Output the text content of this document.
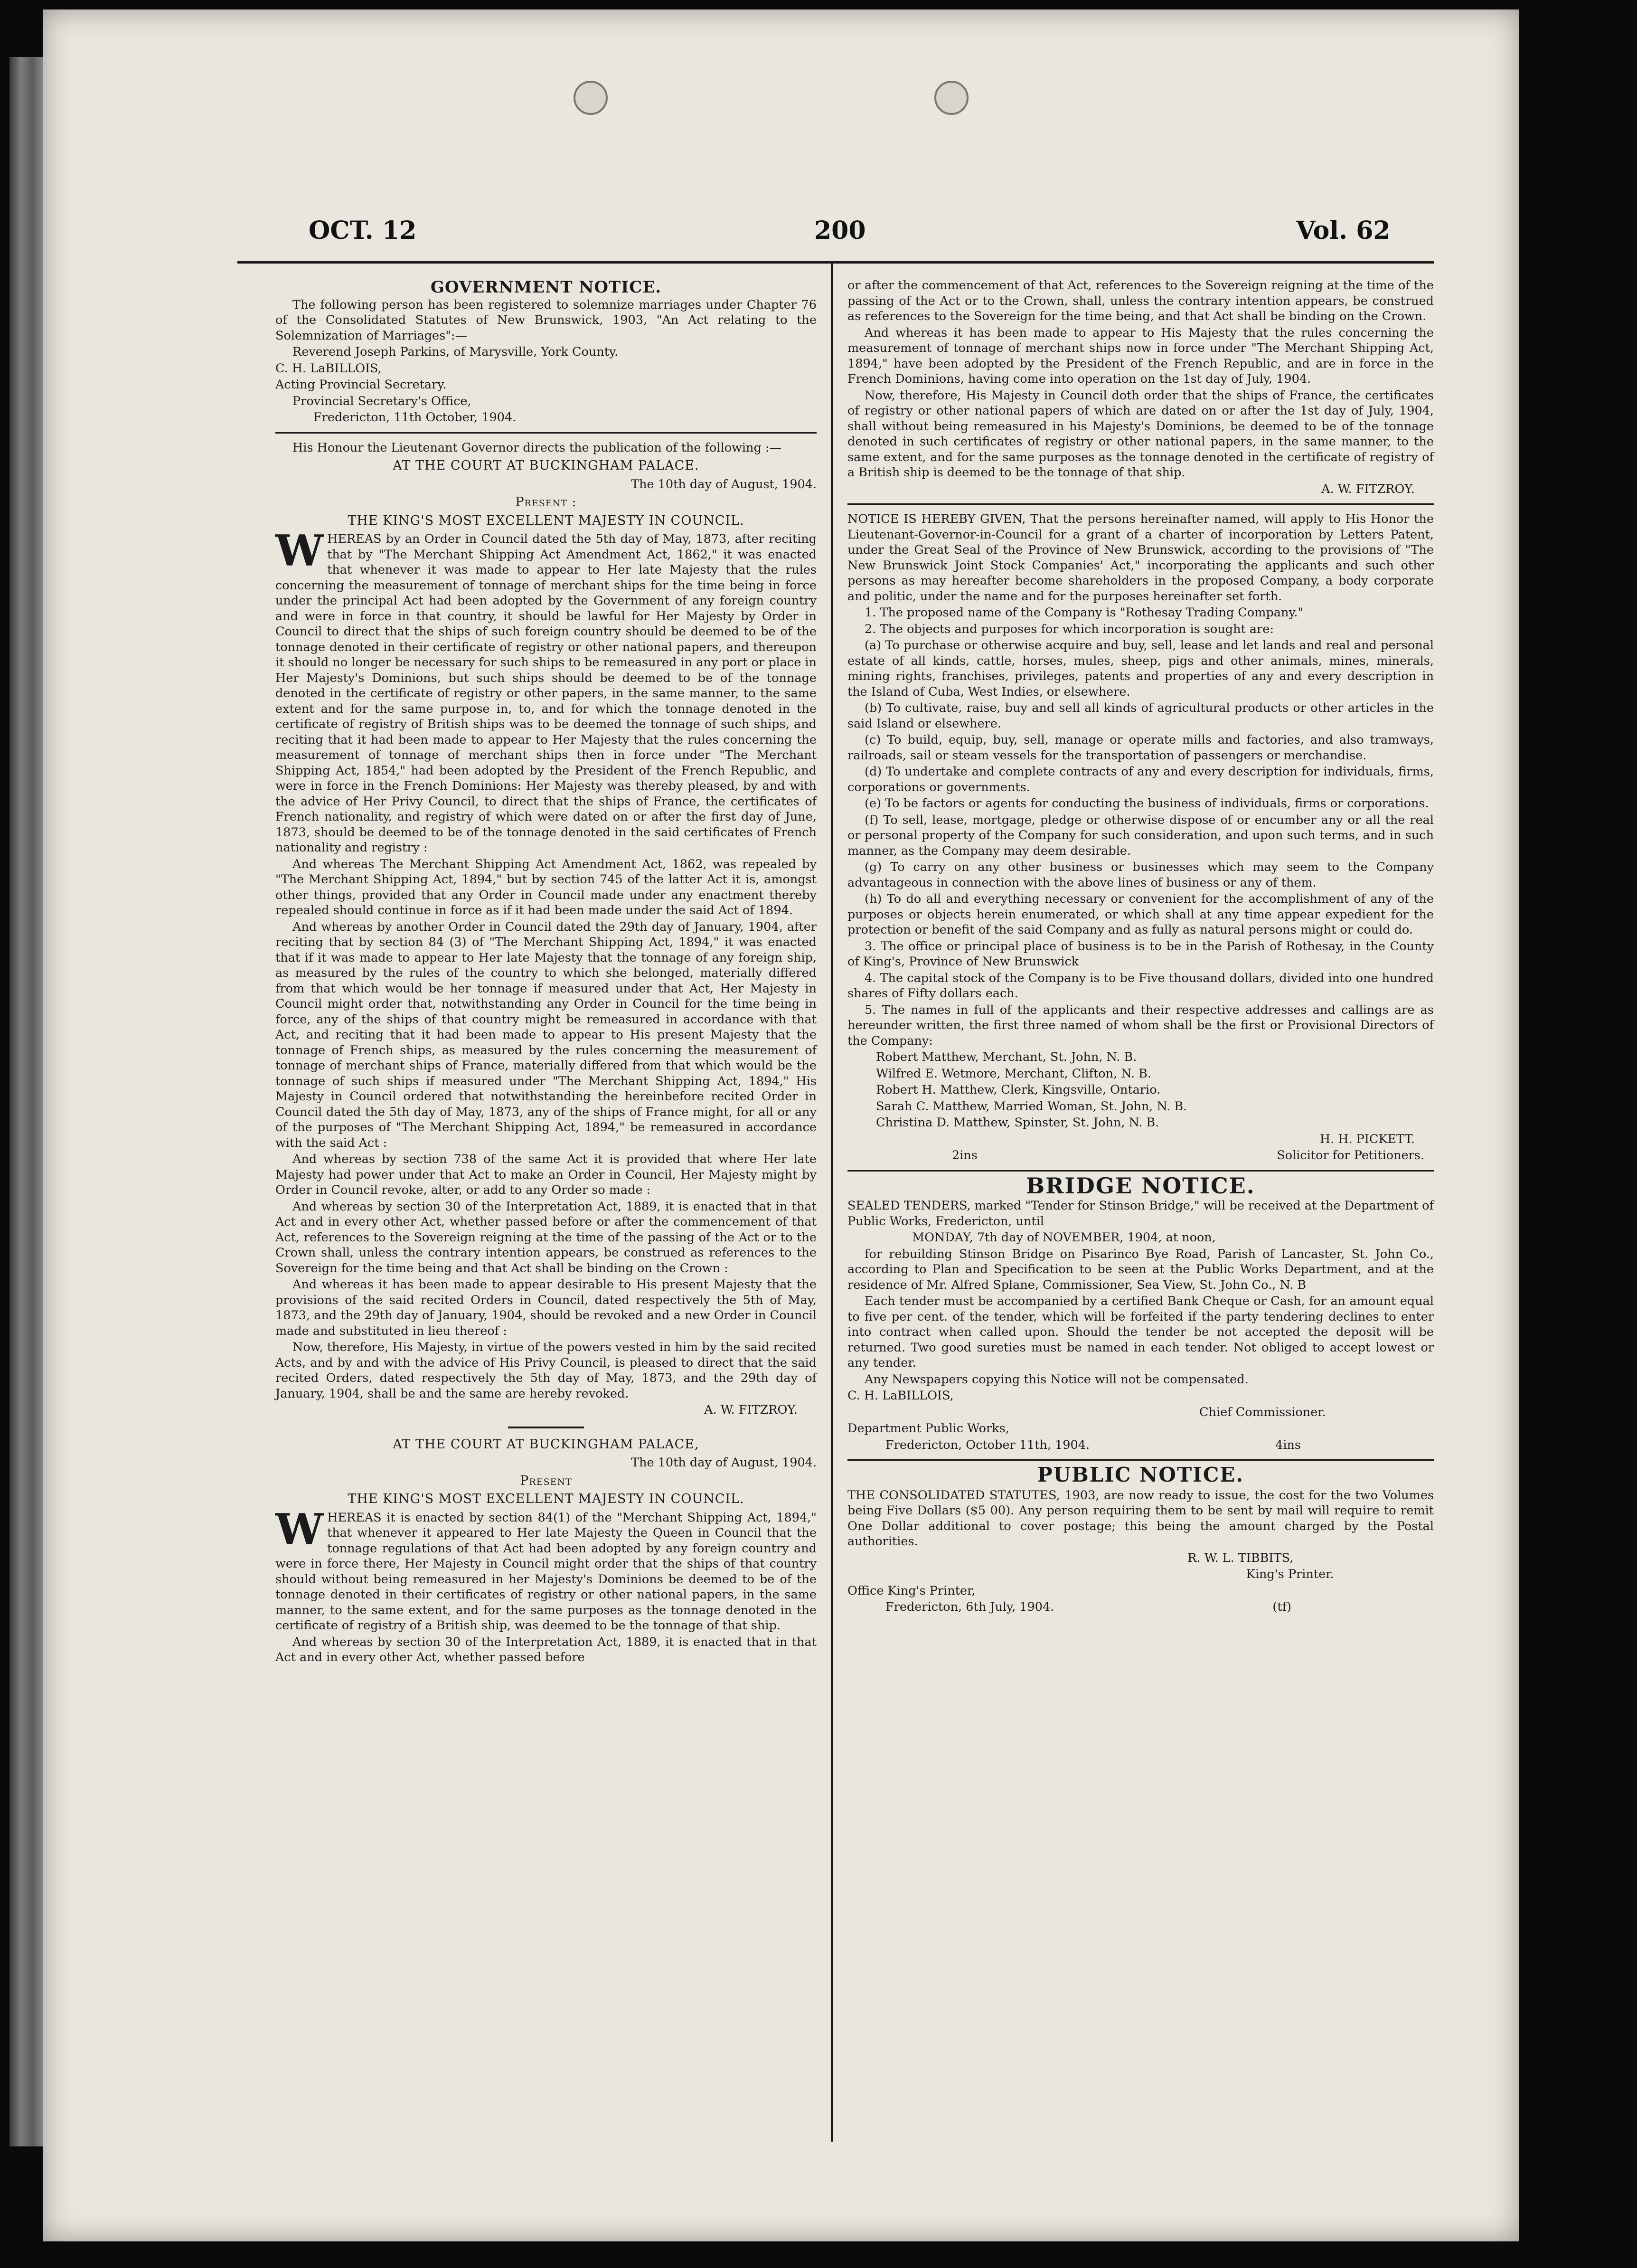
OCT. 12	200	Vol. 62
GOVERNMENT NOTICE.

The following person has been registered to solemnize marriages under Chapter 76 of the Consolidated Statutes of New Brunswick, 1903, "An Act relating to the Solemnization of Marriages":—

Reverend Joseph Parkins, of Marysville, York County.

C. H. LaBILLOIS,

Acting Provincial Secretary.

Provincial Secretary's Office,

Fredericton, 11th October, 1904.

His Honour the Lieutenant Governor directs the publication of the following :—

AT THE COURT AT BUCKINGHAM PALACE.

The 10th day of August, 1904.

Present :
THE KING'S MOST EXCELLENT MAJESTY IN COUNCIL.

WHEREAS by an Order in Council dated the 5th day of May, 1873, after reciting that by "The Merchant Shipping Act Amendment Act, 1862," it was enacted that whenever it was made to appear to Her late Majesty that the rules concerning the measurement of tonnage of merchant ships for the time being in force under the principal Act had been adopted by the Government of any foreign country and were in force in that country, it should be lawful for Her Majesty by Order in Council to direct that the ships of such foreign country should be deemed to be of the tonnage denoted in their certificate of registry or other national papers, and thereupon it should no longer be necessary for such ships to be remeasured in any port or place in Her Majesty's Dominions, but such ships should be deemed to be of the tonnage denoted in the certificate of registry or other papers, in the same manner, to the same extent and for the same purpose in, to, and for which the tonnage denoted in the certificate of registry of British ships was to be deemed the tonnage of such ships, and reciting that it had been made to appear to Her Majesty that the rules concerning the measurement of tonnage of merchant ships then in force under "The Merchant Shipping Act, 1854," had been adopted by the President of the French Republic, and were in force in the French Dominions: Her Majesty was thereby pleased, by and with the advice of Her Privy Council, to direct that the ships of France, the certificates of French nationality, and registry of which were dated on or after the first day of June, 1873, should be deemed to be of the tonnage denoted in the said certificates of French nationality and registry :

And whereas The Merchant Shipping Act Amendment Act, 1862, was repealed by "The Merchant Shipping Act, 1894," but by section 745 of the latter Act it is, amongst other things, provided that any Order in Council made under any enactment thereby repealed should continue in force as if it had been made under the said Act of 1894.

And whereas by another Order in Council dated the 29th day of January, 1904, after reciting that by section 84 (3) of "The Merchant Shipping Act, 1894," it was enacted that if it was made to appear to Her late Majesty that the tonnage of any foreign ship, as measured by the rules of the country to which she belonged, materially differed from that which would be her tonnage if measured under that Act, Her Majesty in Council might order that, notwithstanding any Order in Council for the time being in force, any of the ships of that country might be remeasured in accordance with that Act, and reciting that it had been made to appear to His present Majesty that the tonnage of French ships, as measured by the rules concerning the measurement of tonnage of merchant ships of France, materially differed from that which would be the tonnage of such ships if measured under "The Merchant Shipping Act, 1894," His Majesty in Council ordered that notwithstanding the hereinbefore recited Order in Council dated the 5th day of May, 1873, any of the ships of France might, for all or any of the purposes of "The Merchant Shipping Act, 1894," be remeasured in accordance with the said Act :

And whereas by section 738 of the same Act it is provided that where Her late Majesty had power under that Act to make an Order in Council, Her Majesty might by Order in Council revoke, alter, or add to any Order so made :

And whereas by section 30 of the Interpretation Act, 1889, it is enacted that in that Act and in every other Act, whether passed before or after the commencement of that Act, references to the Sovereign reigning at the time of the passing of the Act or to the Crown shall, unless the contrary intention appears, be construed as references to the Sovereign for the time being and that Act shall be binding on the Crown :

And whereas it has been made to appear desirable to His present Majesty that the provisions of the said recited Orders in Council, dated respectively the 5th of May, 1873, and the 29th day of January, 1904, should be revoked and a new Order in Council made and substituted in lieu thereof :

Now, therefore, His Majesty, in virtue of the powers vested in him by the said recited Acts, and by and with the advice of His Privy Council, is pleased to direct that the said recited Orders, dated respectively the 5th day of May, 1873, and the 29th day of January, 1904, shall be and the same are hereby revoked.

A. W. FITZROY.

AT THE COURT AT BUCKINGHAM PALACE,

The 10th day of August, 1904.

Present
THE KING'S MOST EXCELLENT MAJESTY IN COUNCIL.

WHEREAS it is enacted by section 84(1) of the "Merchant Shipping Act, 1894," that whenever it appeared to Her late Majesty the Queen in Council that the tonnage regulations of that Act had been adopted by any foreign country and were in force there, Her Majesty in Council might order that the ships of that country should without being remeasured in her Majesty's Dominions be deemed to be of the tonnage denoted in their certificates of registry or other national papers, in the same manner, to the same extent, and for the same purposes as the tonnage denoted in the certificate of registry of a British ship, was deemed to be the tonnage of that ship.

And whereas by section 30 of the Interpretation Act, 1889, it is enacted that in that Act and in every other Act, whether passed before

or after the commencement of that Act, references to the Sovereign reigning at the time of the passing of the Act or to the Crown, shall, unless the contrary intention appears, be construed as references to the Sovereign for the time being, and that Act shall be binding on the Crown.

And whereas it has been made to appear to His Majesty that the rules concerning the measurement of tonnage of merchant ships now in force under "The Merchant Shipping Act, 1894," have been adopted by the President of the French Republic, and are in force in the French Dominions, having come into operation on the 1st day of July, 1904.

Now, therefore, His Majesty in Council doth order that the ships of France, the certificates of registry or other national papers of which are dated on or after the 1st day of July, 1904, shall without being remeasured in his Majesty's Dominions, be deemed to be of the tonnage denoted in such certificates of registry or other national papers, in the same manner, to the same extent, and for the same purposes as the tonnage denoted in the certificate of registry of a British ship is deemed to be the tonnage of that ship.

A. W. FITZROY.

NOTICE IS HEREBY GIVEN, That the persons hereinafter named, will apply to His Honor the Lieutenant-Governor-in-Council for a grant of a charter of incorporation by Letters Patent, under the Great Seal of the Province of New Brunswick, according to the provisions of "The New Brunswick Joint Stock Companies' Act," incorporating the applicants and such other persons as may hereafter become shareholders in the proposed Company, a body corporate and politic, under the name and for the purposes hereinafter set forth.

1. The proposed name of the Company is "Rothesay Trading Company."

2. The objects and purposes for which incorporation is sought are:

(a) To purchase or otherwise acquire and buy, sell, lease and let lands and real and personal estate of all kinds, cattle, horses, mules, sheep, pigs and other animals, mines, minerals, mining rights, franchises, privileges, patents and properties of any and every description in the Island of Cuba, West Indies, or elsewhere.

(b) To cultivate, raise, buy and sell all kinds of agricultural products or other articles in the said Island or elsewhere.

(c) To build, equip, buy, sell, manage or operate mills and factories, and also tramways, railroads, sail or steam vessels for the transportation of passengers or merchandise.

(d) To undertake and complete contracts of any and every description for individuals, firms, corporations or governments.

(e) To be factors or agents for conducting the business of individuals, firms or corporations.

(f) To sell, lease, mortgage, pledge or otherwise dispose of or encumber any or all the real or personal property of the Company for such consideration, and upon such terms, and in such manner, as the Company may deem desirable.

(g) To carry on any other business or businesses which may seem to the Company advantageous in connection with the above lines of business or any of them.

(h) To do all and everything necessary or convenient for the accomplishment of any of the purposes or objects herein enumerated, or which shall at any time appear expedient for the protection or benefit of the said Company and as fully as natural persons might or could do.

3. The office or principal place of business is to be in the Parish of Rothesay, in the County of King's, Province of New Brunswick

4. The capital stock of the Company is to be Five thousand dollars, divided into one hundred shares of Fifty dollars each.

5. The names in full of the applicants and their respective addresses and callings are as hereunder written, the first three named of whom shall be the first or Provisional Directors of the Company:

Robert Matthew, Merchant, St. John, N. B.

Wilfred E. Wetmore, Merchant, Clifton, N. B.

Robert H. Matthew, Clerk, Kingsville, Ontario.

Sarah C. Matthew, Married Woman, St. John, N. B.

Christina D. Matthew, Spinster, St. John, N. B.

H. H. PICKETT.

2ins	Solicitor for Petitioners.
BRIDGE NOTICE.

SEALED TENDERS, marked "Tender for Stinson Bridge," will be received at the Department of Public Works, Fredericton, until

MONDAY, 7th day of NOVEMBER, 1904, at noon,

for rebuilding Stinson Bridge on Pisarinco Bye Road, Parish of Lancaster, St. John Co., according to Plan and Specification to be seen at the Public Works Department, and at the residence of Mr. Alfred Splane, Commissioner, Sea View, St. John Co., N. B

Each tender must be accompanied by a certified Bank Cheque or Cash, for an amount equal to five per cent. of the tender, which will be forfeited if the party tendering declines to enter into contract when called upon. Should the tender be not accepted the deposit will be returned. Two good sureties must be named in each tender. Not obliged to accept lowest or any tender.

Any Newspapers copying this Notice will not be compensated.

C. H. LaBILLOIS,

Chief Commissioner.

Department Public Works,

Fredericton, October 11th, 1904.	4ins
PUBLIC NOTICE.

THE CONSOLIDATED STATUTES, 1903, are now ready to issue, the cost for the two Volumes being Five Dollars ($5 00). Any person requiring them to be sent by mail will require to remit One Dollar additional to cover postage; this being the amount charged by the Postal authorities.

R. W. L. TIBBITS,

King's Printer.

Office King's Printer,

Fredericton, 6th July, 1904.	(tf)
